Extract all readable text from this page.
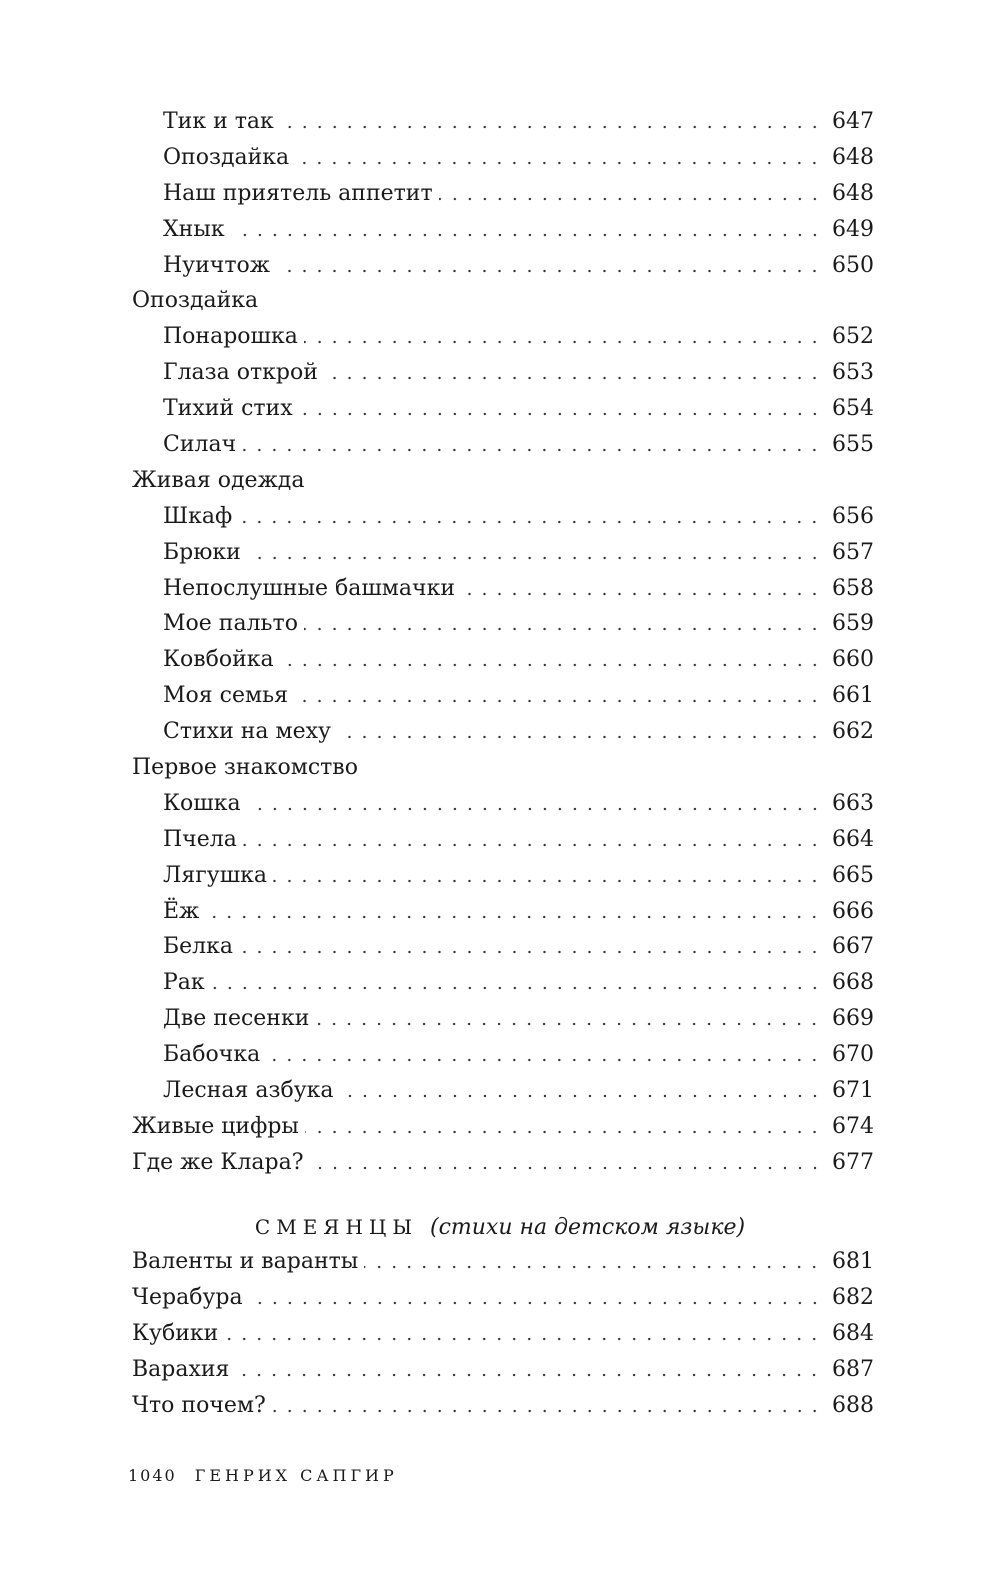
Тик и так	647
Опоздайка	648
Наш приятель аппетит	648
Хнык	649
Нуичтож	650
Опоздайка
Понарошка	652
Глаза открой	653
Тихий стих	654
Силач	655
Живая одежда
Шкаф	656
Брюки	657
Непослушные башмачки	658
Мое пальто	659
Ковбойка	660
Моя семья	661
Стихи на меху	662
Первое знакомство
Кошка	663
Пчела	664
Лягушка	665
Ёж	666
Белка	667
Рак	668
Две песенки	669
Бабочка	670
Лесная азбука	671
Живые цифры	674
Где же Клара?	677
СМЕЯНЦЫ (стихи на детском языке)
Валенты и варанты	681
Черабура	682
Кубики	684
Варахия	687
Что почем?	688
1040 ГЕНРИХ САПГИР
